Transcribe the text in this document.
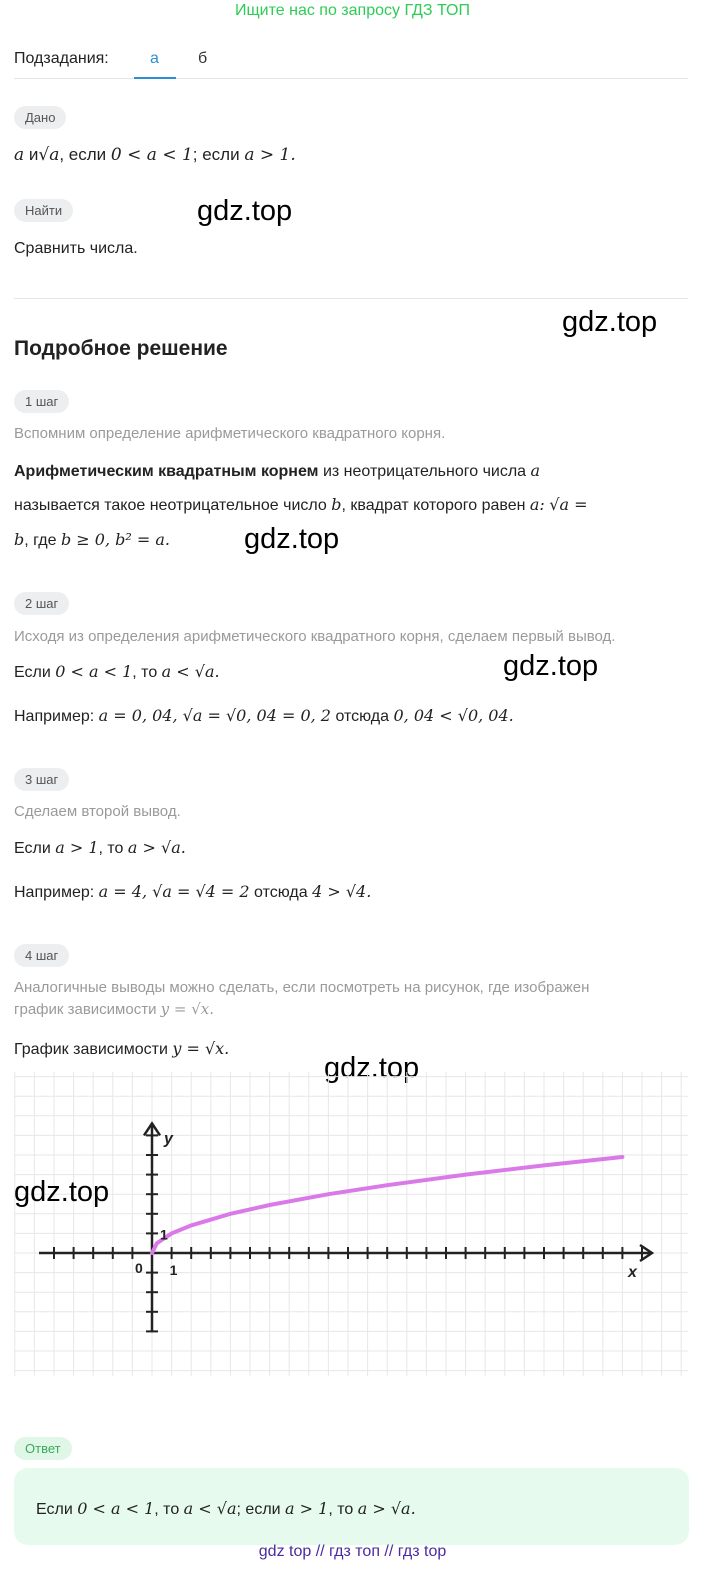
Ищите нас по запросу ГДЗ ТОП
Подзадания:	а б
Дано
a и√a, если 0 < a < 1; если a > 1.
Найти	gdz.top
Сравнить числа.
gdz.top
Подробное решение
1 шаг
Вспомним определение арифметического квадратного корня.
Арифметическим квадратным корнем из неотрицательного числа a
называется такое неотрицательное число b, квадрат которого равен a: √a =
b, где b ≥ 0, b² = a.	gdz.top
2 шаг
Исходя из определения арифметического квадратного корня, сделаем первый вывод.
gdz.top
Если 0 < a < 1, то a < √a.
Например: a = 0, 04, √a = √0, 04 = 0, 2 отсюда 0, 04 < √0, 04.
3 шаг
Сделаем второй вывод.
Если a > 1, то a > √a.
Например: a = 4, √a = √4 = 2 отсюда 4 > √4.
4 шаг
Аналогичные выводы можно сделать, если посмотреть на рисунок, где изображен
график зависимости y = √x.
График зависимости y = √x.
gdz.top
y
x
0 1
1
gdz.top
Ответ
Если 0 < a < 1, то a < √a; если a > 1, то a > √a.
gdz top // гдз топ // гдз top
